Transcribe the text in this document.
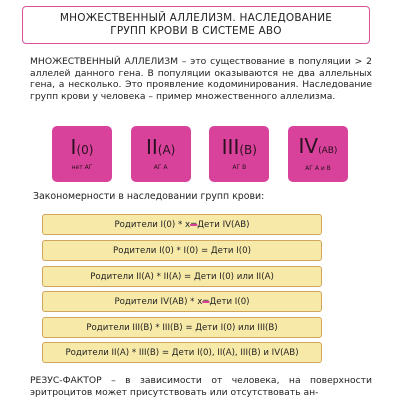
МНОЖЕСТВЕННЫЙ АЛЛЕЛИЗМ. НАСЛЕДОВАНИЕ ГРУПП КРОВИ В СИСТЕМЕ АВО
МНОЖЕСТВЕННЫЙ АЛЛЕЛИЗМ – это существование в популяции > 2 аллелей данного гена. В популяции оказываются не два аллельных гена, а несколько. Это проявление кодоминирования. Наследование групп крови у человека – пример множественного аллелизма.
I (0)
нет АГ
II (А)
АГ А
III (В)
АГ В
IV (АВ)
АГ А и В
Закономерности в наследовании групп крови:
Родители I(0) * х = Дети IV(АВ)
Родители I(0) * I(0) = Дети I(0)
Родители II(А) * II(А) = Дети I(0) или II(А)
Родители IV(АВ) * х = Дети I(0)
Родители III(В) * III(В) = Дети I(0) или III(В)
Родители II(А) * III(В) = Дети I(0), II(А), III(В) и IV(АВ)
РЕЗУС-ФАКТОР – в зависимости от человека, на поверхности эритроцитов может присутствовать или отсутствовать ан-
